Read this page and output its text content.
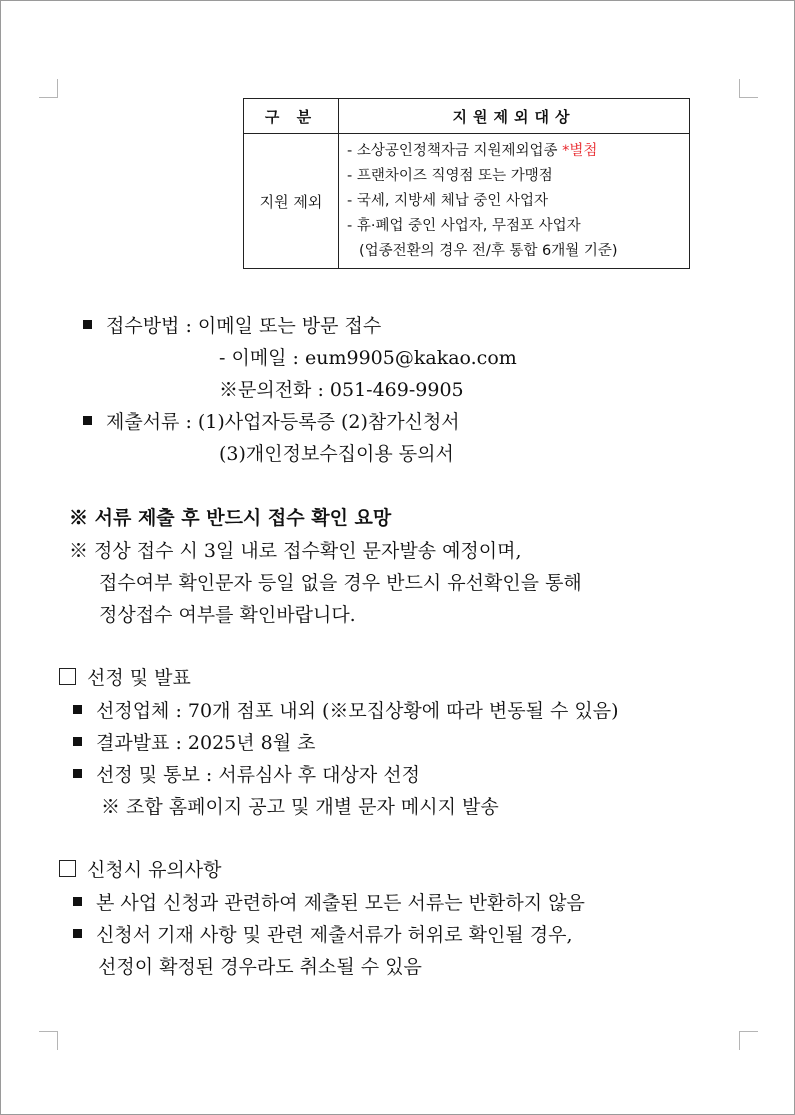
구 분	지원제외대상
지원 제외	- 소상공인정책자금 지원제외업종 *별첨
- 프랜차이즈 직영점 또는 가맹점
- 국세, 지방세 체납 중인 사업자
- 휴·폐업 중인 사업자, 무점포 사업자
(업종전환의 경우 전/후 통합 6개월 기준)
접수방법 : 이메일 또는 방문 접수
- 이메일 : eum9905@kakao.com
※문의전화 : 051-469-9905
제출서류 : (1)사업자등록증 (2)참가신청서
(3)개인정보수집이용 동의서
※ 서류 제출 후 반드시 접수 확인 요망
※ 정상 접수 시 3일 내로 접수확인 문자발송 예정이며,
접수여부 확인문자 등일 없을 경우 반드시 유선확인을 통해
정상접수 여부를 확인바랍니다.
선정 및 발표
선정업체 : 70개 점포 내외 (※모집상황에 따라 변동될 수 있음)
결과발표 : 2025년 8월 초
선정 및 통보 : 서류심사 후 대상자 선정
※ 조합 홈페이지 공고 및 개별 문자 메시지 발송
신청시 유의사항
본 사업 신청과 관련하여 제출된 모든 서류는 반환하지 않음
신청서 기재 사항 및 관련 제출서류가 허위로 확인될 경우,
선정이 확정된 경우라도 취소될 수 있음
